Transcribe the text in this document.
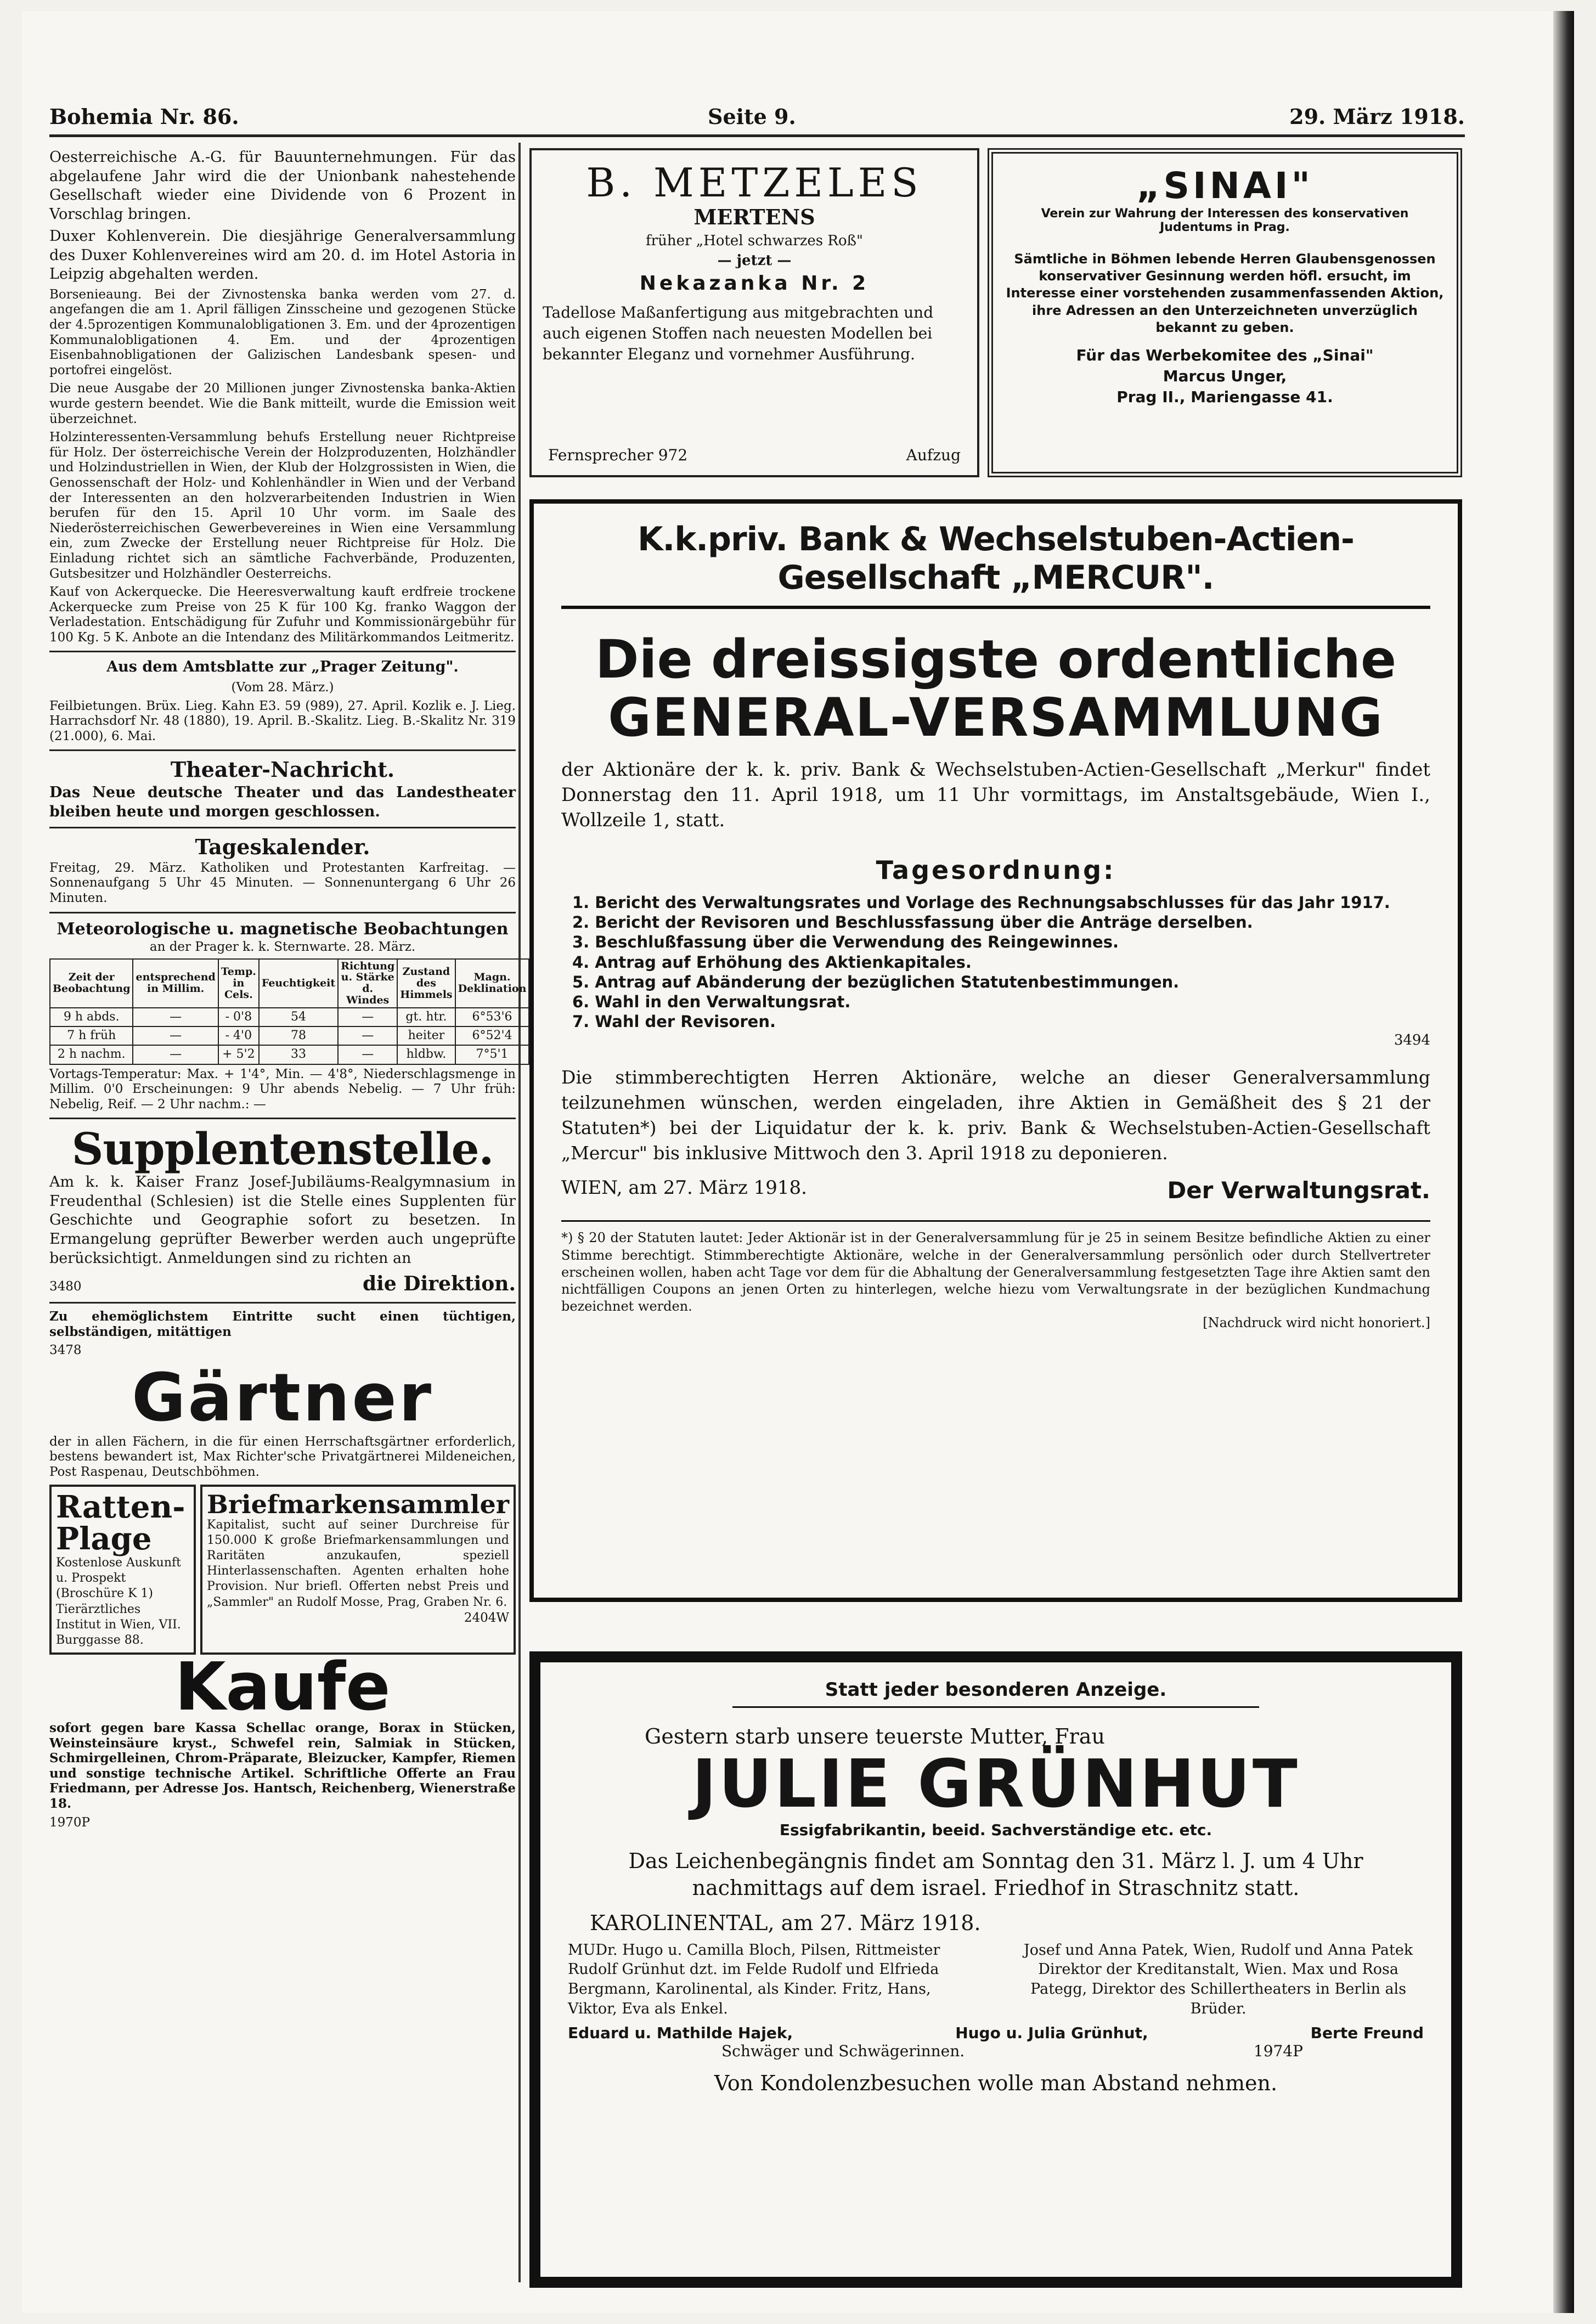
Bohemia Nr. 86.	Seite 9.	29. März 1918.

Oesterreichische A.-G. für Bauunternehmungen. Für das abgelaufene Jahr wird die der Unionbank nahestehende Gesellschaft wieder eine Dividende von 6 Prozent in Vorschlag bringen.

Duxer Kohlenverein. Die diesjährige Generalversammlung des Duxer Kohlenvereines wird am 20. d. im Hotel Astoria in Leipzig abgehalten werden.

Borsenieaung. Bei der Zivnostenska banka werden vom 27. d. angefangen die am 1. April fälligen Zinsscheine und gezogenen Stücke der 4.5prozentigen Kommunalobligationen 3. Em. und der 4prozentigen Kommunalobligationen 4. Em. und der 4prozentigen Eisenbahnobligationen der Galizischen Landesbank spesen- und portofrei eingelöst.

Die neue Ausgabe der 20 Millionen junger Zivnostenska banka-Aktien wurde gestern beendet. Wie die Bank mitteilt, wurde die Emission weit überzeichnet.

Holzinteressenten-Versammlung behufs Erstellung neuer Richtpreise für Holz. Der österreichische Verein der Holzproduzenten, Holzhändler und Holzindustriellen in Wien, der Klub der Holzgrossisten in Wien, die Genossenschaft der Holz- und Kohlenhändler in Wien und der Verband der Interessenten an den holzverarbeitenden Industrien in Wien berufen für den 15. April 10 Uhr vorm. im Saale des Niederösterreichischen Gewerbevereines in Wien eine Versammlung ein, zum Zwecke der Erstellung neuer Richtpreise für Holz. Die Einladung richtet sich an sämtliche Fachverbände, Produzenten, Gutsbesitzer und Holzhändler Oesterreichs.

Kauf von Ackerquecke. Die Heeresverwaltung kauft erdfreie trockene Ackerquecke zum Preise von 25 K für 100 Kg. franko Waggon der Verladestation. Entschädigung für Zufuhr und Kommissionärgebühr für 100 Kg. 5 K. Anbote an die Intendanz des Militärkommandos Leitmeritz.

Aus dem Amtsblatte zur „Prager Zeitung".

(Vom 28. März.)

Feilbietungen. Brüx. Lieg. Kahn E3. 59 (989), 27. April. Kozlik e. J. Lieg. Harrachsdorf Nr. 48 (1880), 19. April. B.-Skalitz. Lieg. B.-Skalitz Nr. 319 (21.000), 6. Mai.

Theater-Nachricht.

Das Neue deutsche Theater und das Landestheater bleiben heute und morgen geschlossen.

Tageskalender.

Freitag, 29. März. Katholiken und Protestanten Karfreitag. — Sonnenaufgang 5 Uhr 45 Minuten. — Sonnenuntergang 6 Uhr 26 Minuten.

Meteorologische u. magnetische Beobachtungen

an der Prager k. k. Sternwarte. 28. März.

Zeit der Beobachtung	entsprechend in Millim.	Temp. in Cels.	Feuchtigkeit	Richtung u. Stärke d. Windes	Zustand des Himmels	Magn. Deklination
9 h abds.	—	- 0'8	54	—	gt. htr.	6°53'6
7 h früh	—	- 4'0	78	—	heiter	6°52'4
2 h nachm.	—	+ 5'2	33	—	hldbw.	7°5'1

Vortags-Temperatur: Max. + 1'4°, Min. — 4'8°, Niederschlagsmenge in Millim. 0'0 Erscheinungen: 9 Uhr abends Nebelig. — 7 Uhr früh: Nebelig, Reif. — 2 Uhr nachm.: —

Supplentenstelle.

Am k. k. Kaiser Franz Josef-Jubiläums-Realgymnasium in Freudenthal (Schlesien) ist die Stelle eines Supplenten für Geschichte und Geographie sofort zu besetzen. In Ermangelung geprüfter Bewerber werden auch ungeprüfte berücksichtigt. Anmeldungen sind zu richten an

3480	die Direktion.

Zu ehemöglichstem Eintritte sucht einen tüchtigen, selbständigen, mitättigen

3478

Gärtner

der in allen Fächern, in die für einen Herrschaftsgärtner erforderlich, bestens bewandert ist, Max Richter'sche Privatgärtnerei Mildeneichen, Post Raspenau, Deutschböhmen.

Ratten-Plage
Kostenlose Auskunft u. Prospekt (Broschüre K 1) Tierärztliches Institut in Wien, VII. Burggasse 88.
Briefmarkensammler
Kapitalist, sucht auf seiner Durchreise für 150.000 K große Briefmarkensammlungen und Raritäten anzukaufen, speziell Hinterlassenschaften. Agenten erhalten hohe Provision. Nur briefl. Offerten nebst Preis und „Sammler" an Rudolf Mosse, Prag, Graben Nr. 6.
2404W
Kaufe

sofort gegen bare Kassa Schellac orange, Borax in Stücken, Weinsteinsäure kryst., Schwefel rein, Salmiak in Stücken, Schmirgelleinen, Chrom-Präparate, Bleizucker, Kampfer, Riemen und sonstige technische Artikel. Schriftliche Offerte an Frau Friedmann, per Adresse Jos. Hantsch, Reichenberg, Wienerstraße 18.

1970P

B. METZELES
MERTENS
früher „Hotel schwarzes Roß"
— jetzt —
Nekazanka Nr. 2
Tadellose Maßanfertigung aus mitgebrachten und auch eigenen Stoffen nach neuesten Modellen bei bekannter Eleganz und vornehmer Ausführung.
Fernsprecher 972	Aufzug
„SINAI"
Verein zur Wahrung der Interessen des konservativen Judentums in Prag.
Sämtliche in Böhmen lebende Herren Glaubensgenossen konservativer Gesinnung werden höfl. ersucht, im Interesse einer vorstehenden zusammenfassenden Aktion, ihre Adressen an den Unterzeichneten unverzüglich bekannt zu geben.
Für das Werbekomitee des „Sinai"
Marcus Unger,
Prag II., Mariengasse 41.
K.k.priv. Bank & Wechselstuben-Actien-Gesellschaft „MERCUR".
Die dreissigste ordentliche
GENERAL-VERSAMMLUNG
der Aktionäre der k. k. priv. Bank & Wechselstuben-Actien-Gesellschaft „Merkur" findet Donnerstag den 11. April 1918, um 11 Uhr vormittags, im Anstaltsgebäude, Wien I., Wollzeile 1, statt.
Tagesordnung:
1. Bericht des Verwaltungsrates und Vorlage des Rechnungsabschlusses für das Jahr 1917.
2. Bericht der Revisoren und Beschlussfassung über die Anträge derselben.
3. Beschlußfassung über die Verwendung des Reingewinnes.
4. Antrag auf Erhöhung des Aktienkapitales.
5. Antrag auf Abänderung der bezüglichen Statutenbestimmungen.
6. Wahl in den Verwaltungsrat.
7. Wahl der Revisoren.
3494
Die stimmberechtigten Herren Aktionäre, welche an dieser Generalversammlung teilzunehmen wünschen, werden eingeladen, ihre Aktien in Gemäßheit des § 21 der Statuten*) bei der Liquidatur der k. k. priv. Bank & Wechselstuben-Actien-Gesellschaft „Mercur" bis inklusive Mittwoch den 3. April 1918 zu deponieren.
WIEN, am 27. März 1918.	Der Verwaltungsrat.
*) § 20 der Statuten lautet: Jeder Aktionär ist in der Generalversammlung für je 25 in seinem Besitze befindliche Aktien zu einer Stimme berechtigt. Stimmberechtigte Aktionäre, welche in der Generalversammlung persönlich oder durch Stellvertreter erscheinen wollen, haben acht Tage vor dem für die Abhaltung der Generalversammlung festgesetzten Tage ihre Aktien samt den nichtfälligen Coupons an jenen Orten zu hinterlegen, welche hiezu vom Verwaltungsrate in der bezüglichen Kundmachung bezeichnet werden.
[Nachdruck wird nicht honoriert.]
Statt jeder besonderen Anzeige.
Gestern starb unsere teuerste Mutter, Frau
JULIE GRÜNHUT
Essigfabrikantin, beeid. Sachverständige etc. etc.
Das Leichenbegängnis findet am Sonntag den 31. März l. J. um 4 Uhr nachmittags auf dem israel. Friedhof in Straschnitz statt.
KAROLINENTAL, am 27. März 1918.
MUDr. Hugo u. Camilla Bloch, Pilsen, Rittmeister Rudolf Grünhut dzt. im Felde Rudolf und Elfrieda Bergmann, Karolinental, als Kinder. Fritz, Hans, Viktor, Eva als Enkel.
Josef und Anna Patek, Wien, Rudolf und Anna Patek Direktor der Kreditanstalt, Wien. Max und Rosa Pategg, Direktor des Schillertheaters in Berlin als Brüder.
Eduard u. Mathilde Hajek,	Hugo u. Julia Grünhut,	Berte Freund
Schwäger und Schwägerinnen.	1974P
Von Kondolenzbesuchen wolle man Abstand nehmen.
